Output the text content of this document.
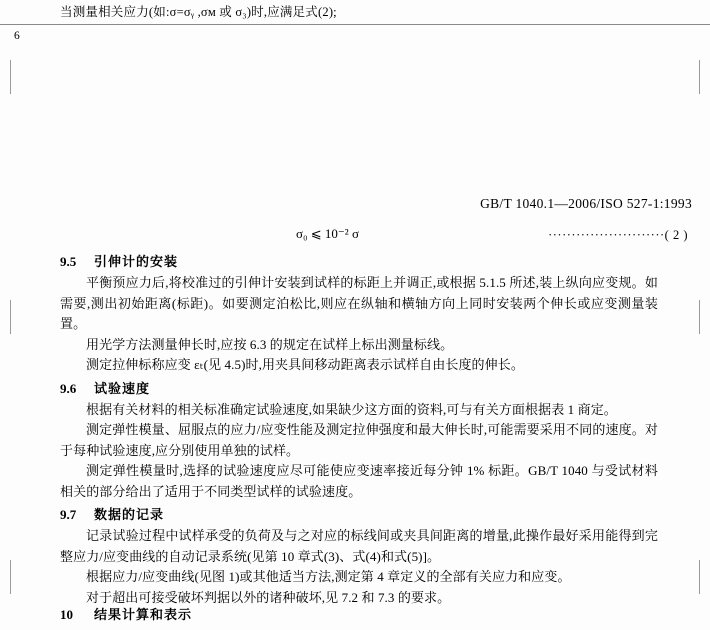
当测量相关应力(如:σ=σᵧ ,σᴍ 或 σ₃)时,应满足式(2);
6
GB/T 1040.1—2006/ISO 527-1:1993
σ₀ ⩽ 10⁻² σ	·························( 2 )
9.5 引伸计的安装

平衡预应力后,将校准过的引伸计安装到试样的标距上并调正,或根据 5.1.5 所述,装上纵向应变规。如需要,测出初始距离(标距)。如要测定泊松比,则应在纵轴和横轴方向上同时安装两个伸长或应变测量装置。

用光学方法测量伸长时,应按 6.3 的规定在试样上标出测量标线。

测定拉伸标称应变 εₜ(见 4.5)时,用夹具间移动距离表示试样自由长度的伸长。

9.6 试验速度

根据有关材料的相关标准确定试验速度,如果缺少这方面的资料,可与有关方面根据表 1 商定。

测定弹性模量、屈服点的应力/应变性能及测定拉伸强度和最大伸长时,可能需要采用不同的速度。对于每种试验速度,应分别使用单独的试样。

测定弹性模量时,选择的试验速度应尽可能使应变速率接近每分钟 1% 标距。GB/T 1040 与受试材料相关的部分给出了适用于不同类型试样的试验速度。

9.7 数据的记录

记录试验过程中试样承受的负荷及与之对应的标线间或夹具间距离的增量,此操作最好采用能得到完整应力/应变曲线的自动记录系统(见第 10 章式(3)、式(4)和式(5)]。

根据应力/应变曲线(见图 1)或其他适当方法,测定第 4 章定义的全部有关应力和应变。

对于超出可接受破坏判据以外的诸种破坏,见 7.2 和 7.3 的要求。

10 结果计算和表示
